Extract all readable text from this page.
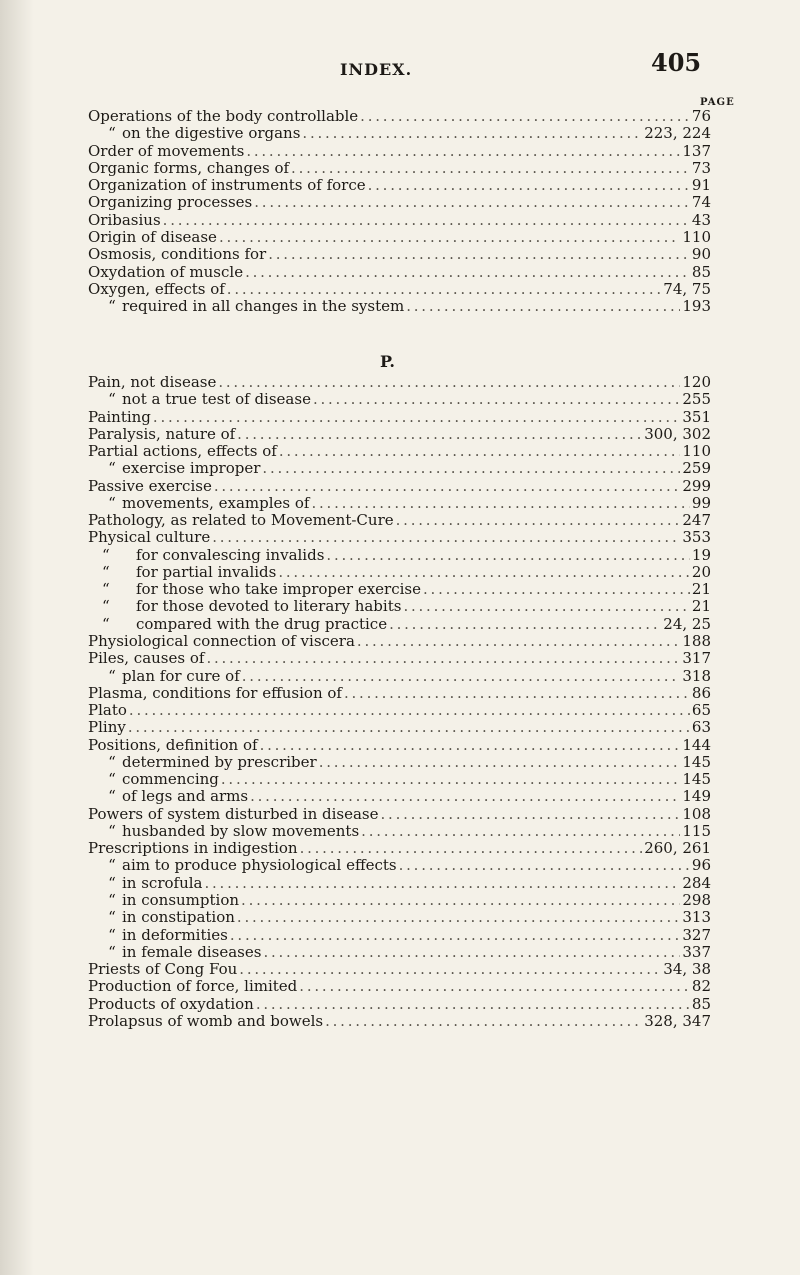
INDEX.	405
PAGE
Operations of the body controllable . . .	76
“ on the digestive organs . . .	223, 224
Order of movements . . .	137
Organic forms, changes of . . .	73
Organization of instruments of force . . .	91
Organizing processes . . .	74
Oribasius . . .	43
Origin of disease . . .	110
Osmosis, conditions for . . .	90
Oxydation of muscle . . .	85
Oxygen, effects of . . .	74, 75
“ required in all changes in the system . . .	193
P.
Pain, not disease . . .	120
“ not a true test of disease . . .	255
Painting . . .	351
Paralysis, nature of . . .	300, 302
Partial actions, effects of . . .	110
“ exercise improper . . .	259
Passive exercise . . .	299
“ movements, examples of . . .	99
Pathology, as related to Movement-Cure . . .	247
Physical culture . . .	353
“	for convalescing invalids . . .	19
“	for partial invalids . . .	20
“	for those who take improper exercise . . .	21
“	for those devoted to literary habits . . .	21
“	compared with the drug practice . . .	24, 25
Physiological connection of viscera . . .	188
Piles, causes of . . .	317
“ plan for cure of . . .	318
Plasma, conditions for effusion of . . .	86
Plato . . .	65
Pliny . . .	63
Positions, definition of . . .	144
“ determined by prescriber . . .	145
“ commencing . . .	145
“ of legs and arms . . .	149
Powers of system disturbed in disease . . .	108
“ husbanded by slow movements . . .	115
Prescriptions in indigestion . . .	260, 261
“ aim to produce physiological effects . . .	96
“ in scrofula . . .	284
“ in consumption . . .	298
“ in constipation . . .	313
“ in deformities . . .	327
“ in female diseases . . .	337
Priests of Cong Fou . . .	34, 38
Production of force, limited . . .	82
Products of oxydation . . .	85
Prolapsus of womb and bowels . . .	328, 347
